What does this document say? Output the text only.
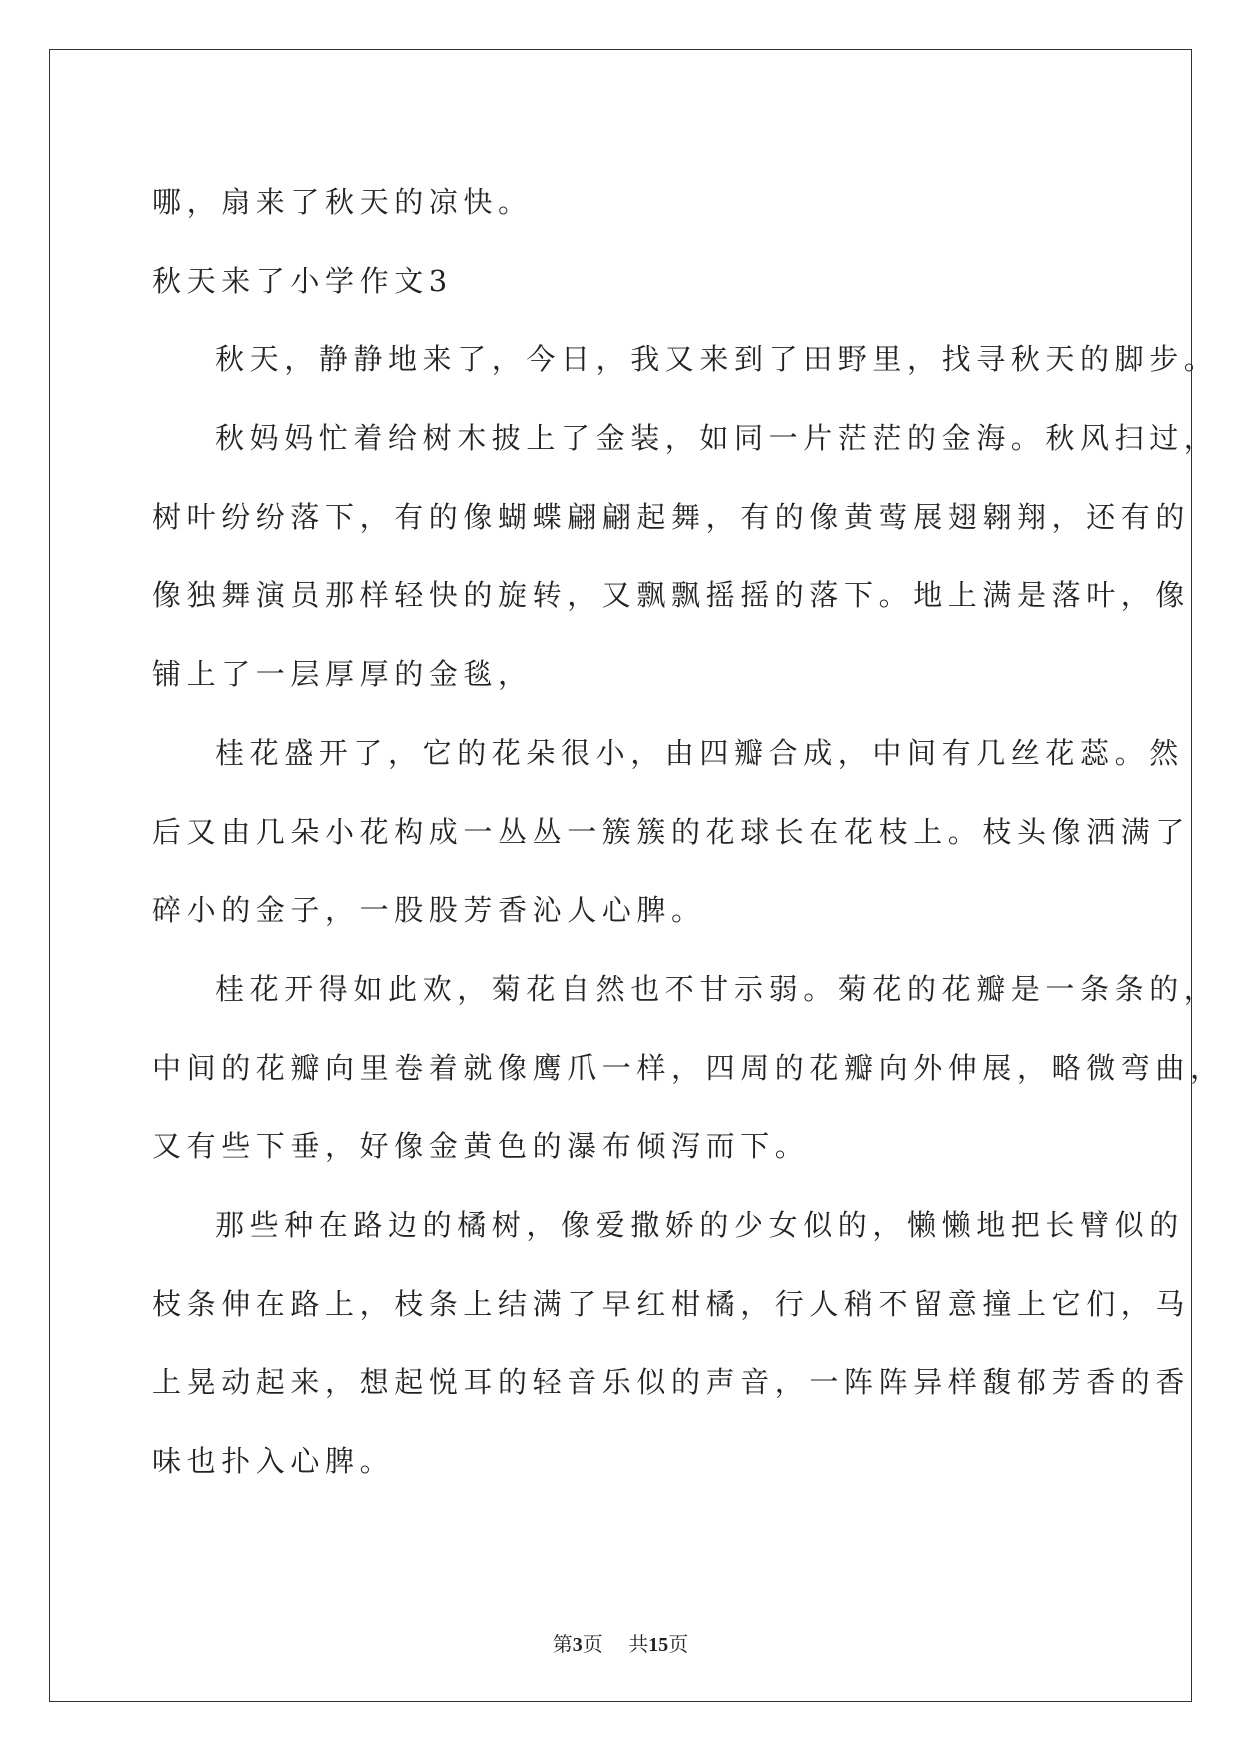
哪，扇来了秋天的凉快。

秋天来了小学作文3

秋天，静静地来了，今日，我又来到了田野里，找寻秋天的脚步。

秋妈妈忙着给树木披上了金装，如同一片茫茫的金海。秋风扫过，

树叶纷纷落下，有的像蝴蝶翩翩起舞，有的像黄莺展翅翱翔，还有的

像独舞演员那样轻快的旋转，又飘飘摇摇的落下。地上满是落叶，像

铺上了一层厚厚的金毯，

桂花盛开了，它的花朵很小，由四瓣合成，中间有几丝花蕊。然

后又由几朵小花构成一丛丛一簇簇的花球长在花枝上。枝头像洒满了

碎小的金子，一股股芳香沁人心脾。

桂花开得如此欢，菊花自然也不甘示弱。菊花的花瓣是一条条的，

中间的花瓣向里卷着就像鹰爪一样，四周的花瓣向外伸展，略微弯曲，

又有些下垂，好像金黄色的瀑布倾泻而下。

那些种在路边的橘树，像爱撒娇的少女似的，懒懒地把长臂似的

枝条伸在路上，枝条上结满了早红柑橘，行人稍不留意撞上它们，马

上晃动起来，想起悦耳的轻音乐似的声音，一阵阵异样馥郁芳香的香

味也扑入心脾。

第3页 共15页
